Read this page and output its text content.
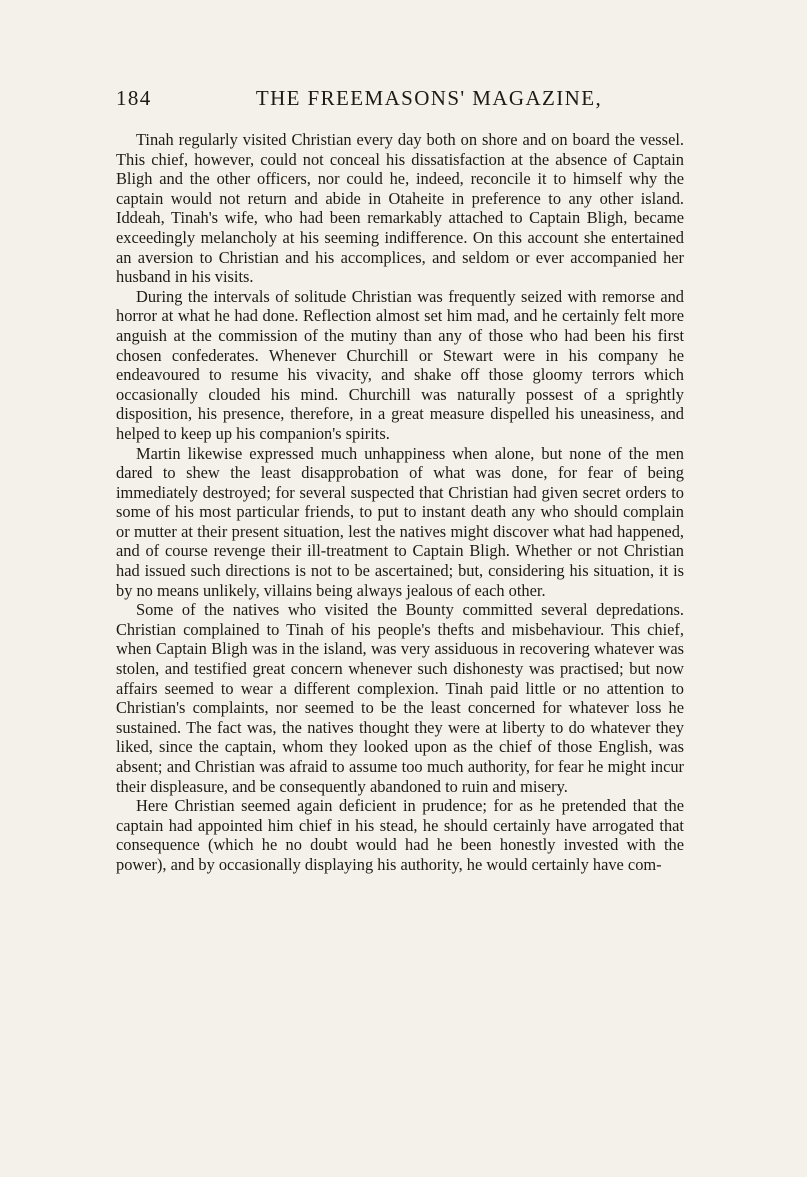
184	THE FREEMASONS' MAGAZINE,

Tinah regularly visited Christian every day both on shore and on board the vessel. This chief, however, could not conceal his dissatisfaction at the absence of Captain Bligh and the other officers, nor could he, indeed, reconcile it to himself why the captain would not return and abide in Otaheite in preference to any other island. Iddeah, Tinah's wife, who had been remarkably attached to Captain Bligh, became exceedingly melancholy at his seeming indifference. On this account she entertained an aversion to Christian and his accomplices, and seldom or ever accompanied her husband in his visits.

During the intervals of solitude Christian was frequently seized with remorse and horror at what he had done. Reflection almost set him mad, and he certainly felt more anguish at the commission of the mutiny than any of those who had been his first chosen confederates. Whenever Churchill or Stewart were in his company he endeavoured to resume his vivacity, and shake off those gloomy terrors which occasionally clouded his mind. Churchill was naturally possest of a sprightly disposition, his presence, therefore, in a great measure dispelled his uneasiness, and helped to keep up his companion's spirits.

Martin likewise expressed much unhappiness when alone, but none of the men dared to shew the least disapprobation of what was done, for fear of being immediately destroyed; for several suspected that Christian had given secret orders to some of his most particular friends, to put to instant death any who should complain or mutter at their present situation, lest the natives might discover what had happened, and of course revenge their ill-treatment to Captain Bligh. Whether or not Christian had issued such directions is not to be ascertained; but, considering his situation, it is by no means unlikely, villains being always jealous of each other.

Some of the natives who visited the Bounty committed several depredations. Christian complained to Tinah of his people's thefts and misbehaviour. This chief, when Captain Bligh was in the island, was very assiduous in recovering whatever was stolen, and testified great concern whenever such dishonesty was practised; but now affairs seemed to wear a different complexion. Tinah paid little or no attention to Christian's complaints, nor seemed to be the least concerned for whatever loss he sustained. The fact was, the natives thought they were at liberty to do whatever they liked, since the captain, whom they looked upon as the chief of those English, was absent; and Christian was afraid to assume too much authority, for fear he might incur their displeasure, and be consequently abandoned to ruin and misery.

Here Christian seemed again deficient in prudence; for as he pretended that the captain had appointed him chief in his stead, he should certainly have arrogated that consequence (which he no doubt would had he been honestly invested with the power), and by occasionally displaying his authority, he would certainly have com-
